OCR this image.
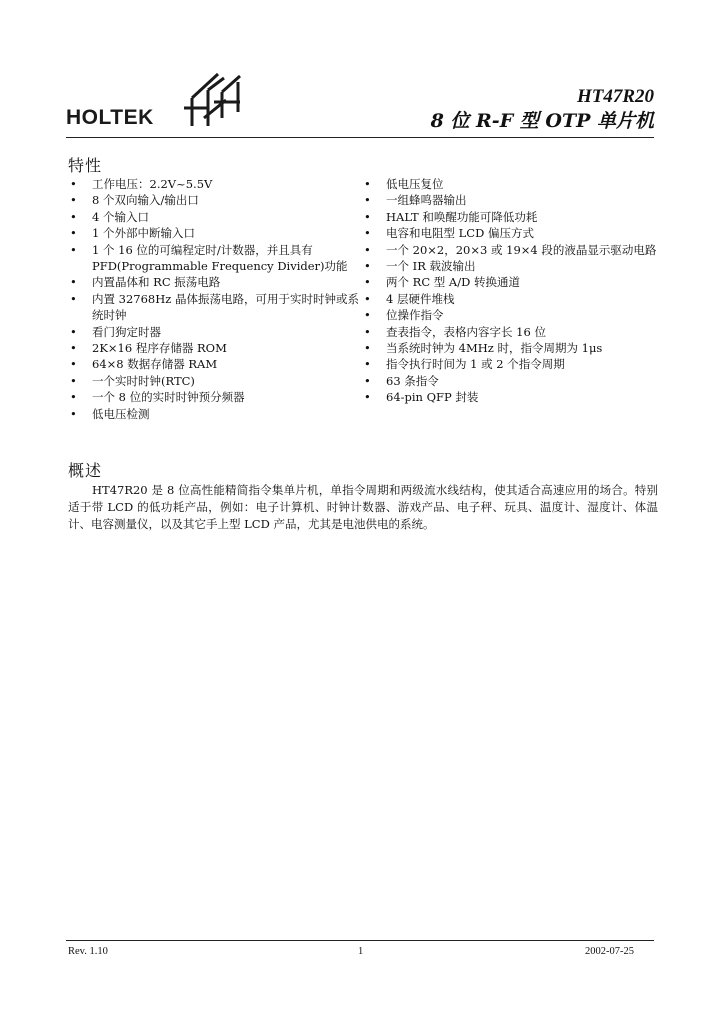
HOLTEK
HT47R20
8 位 R-F 型 OTP 单片机
特性
• 工作电压：2.2V~5.5V
• 8 个双向输入/输出口
• 4 个输入口
• 1 个外部中断输入口
• 1 个 16 位的可编程定时/计数器，并且具有 PFD(Programmable Frequency Divider)功能
• 内置晶体和 RC 振荡电路
• 内置 32768Hz 晶体振荡电路，可用于实时时钟或系统时钟
• 看门狗定时器
• 2K×16 程序存储器 ROM
• 64×8 数据存储器 RAM
• 一个实时时钟(RTC)
• 一个 8 位的实时时钟预分频器
• 低电压检测
• 低电压复位
• 一组蜂鸣器输出
• HALT 和唤醒功能可降低功耗
• 电容和电阻型 LCD 偏压方式
• 一个 20×2，20×3 或 19×4 段的液晶显示驱动电路
• 一个 IR 载波输出
• 两个 RC 型 A/D 转换通道
• 4 层硬件堆栈
• 位操作指令
• 查表指令，表格内容字长 16 位
• 当系统时钟为 4MHz 时，指令周期为 1μs
• 指令执行时间为 1 或 2 个指令周期
• 63 条指令
• 64-pin QFP 封装
概述

HT47R20 是 8 位高性能精简指令集单片机，单指令周期和两级流水线结构，使其适合高速应用的场合。特别适于带 LCD 的低功耗产品，例如：电子计算机、时钟计数器、游戏产品、电子秤、玩具、温度计、湿度计、体温计、电容测量仪，以及其它手上型 LCD 产品，尤其是电池供电的系统。

Rev. 1.10	1	2002-07-25
